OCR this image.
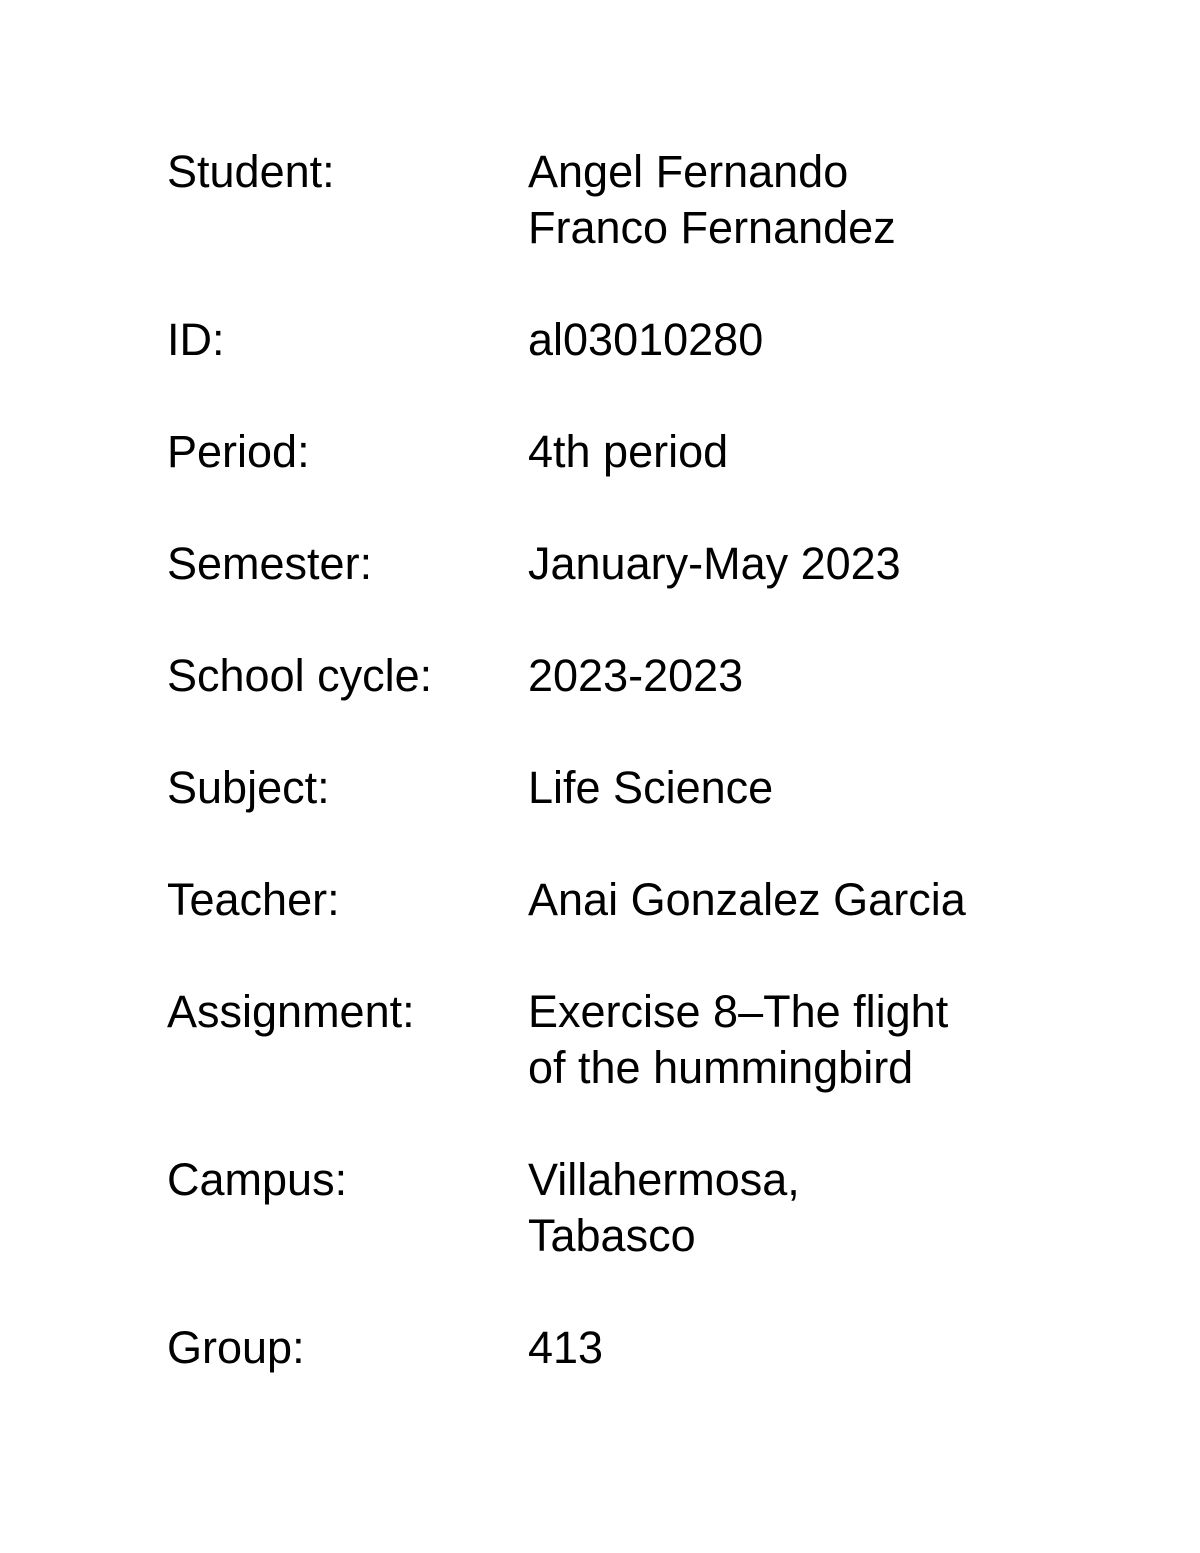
Student:	Angel Fernando
Franco Fernandez
ID:	al03010280
Period:	4th period
Semester:	January-May 2023
School cycle:	2023-2023
Subject:	Life Science
Teacher:	Anai Gonzalez Garcia
Assignment:	Exercise 8–The flight
of the hummingbird
Campus:	Villahermosa,
Tabasco
Group:	413
